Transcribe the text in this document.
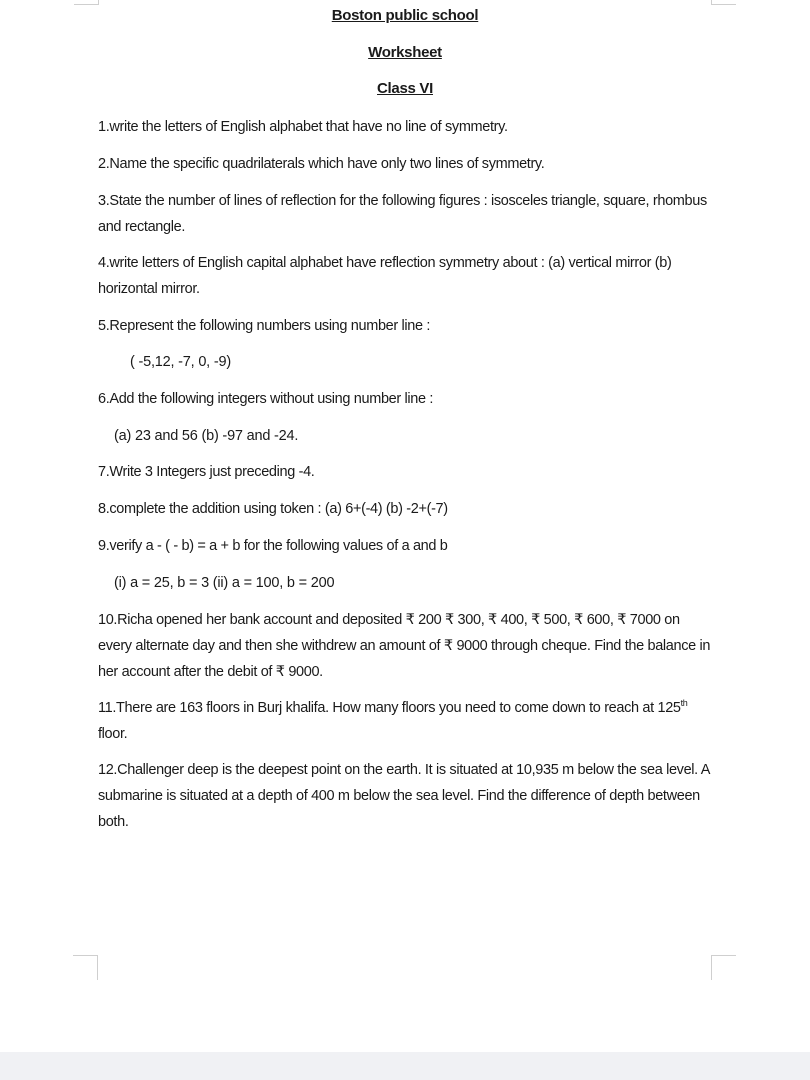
Boston public school

Worksheet

Class VI

1.write the letters of English alphabet that have no line of symmetry.

2.Name the specific quadrilaterals which have only two lines of symmetry.

3.State the number of lines of reflection for the following figures : isosceles triangle, square, rhombus and rectangle.

4.write letters of English capital alphabet have reflection symmetry about : (a) vertical mirror (b) horizontal mirror.

5.Represent the following numbers using number line :

( -5,12, -7, 0, -9)

6.Add the following integers without using number line :

(a) 23 and 56 (b) -97 and -24.

7.Write 3 Integers just preceding -4.

8.complete the addition using token : (a) 6+(-4) (b) -2+(-7)

9.verify a - ( - b) = a + b for the following values of a and b

(i) a = 25, b = 3 (ii) a = 100, b = 200

10.Richa opened her bank account and deposited ₹ 200 ₹ 300, ₹ 400, ₹ 500, ₹ 600, ₹ 7000 on every alternate day and then she withdrew an amount of ₹ 9000 through cheque. Find the balance in her account after the debit of ₹ 9000.

11.There are 163 floors in Burj khalifa. How many floors you need to come down to reach at 125th floor.

12.Challenger deep is the deepest point on the earth. It is situated at 10,935 m below the sea level. A submarine is situated at a depth of 400 m below the sea level. Find the difference of depth between both.
